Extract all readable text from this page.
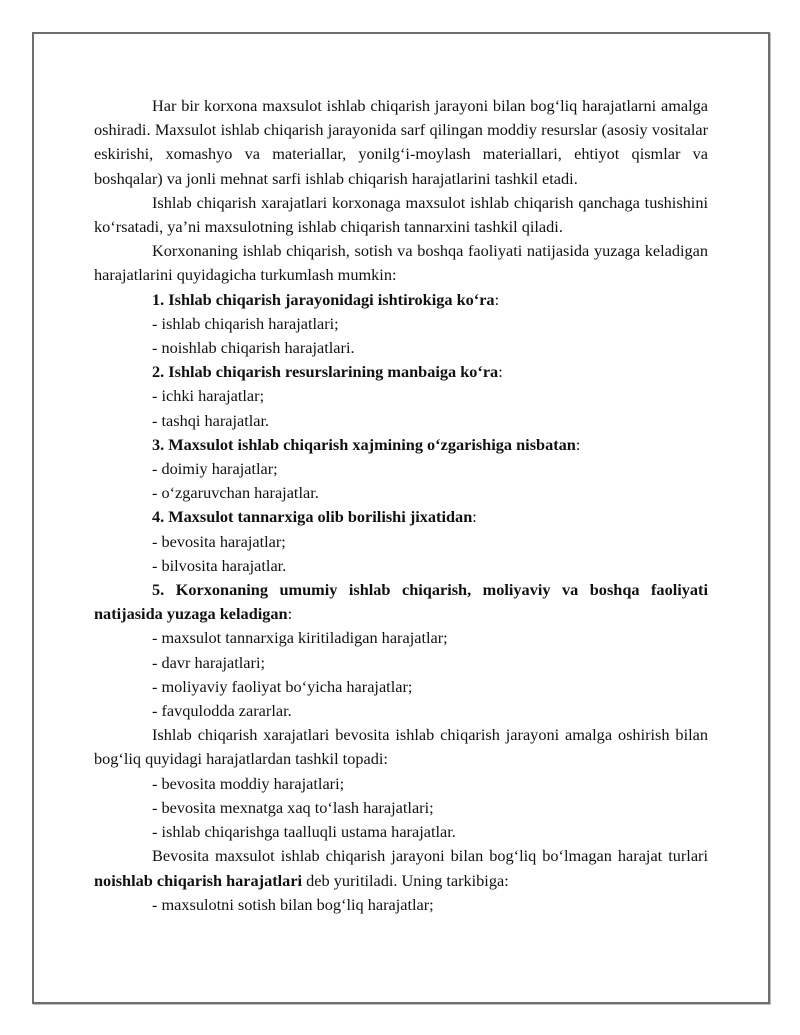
Har bir korxona maxsulot ishlab chiqarish jarayoni bilan bog‘liq harajatlarni amalga oshiradi. Maxsulot ishlab chiqarish jarayonida sarf qilingan moddiy resurslar (asosiy vositalar eskirishi, xomashyo va materiallar, yonilg‘i-moylash materiallari, ehtiyot qismlar va boshqalar) va jonli mehnat sarfi ishlab chiqarish harajatlarini tashkil etadi.

Ishlab chiqarish xarajatlari korxonaga maxsulot ishlab chiqarish qanchaga tushishini ko‘rsatadi, ya’ni maxsulotning ishlab chiqarish tannarxini tashkil qiladi.

Korxonaning ishlab chiqarish, sotish va boshqa faoliyati natijasida yuzaga keladigan harajatlarini quyidagicha turkumlash mumkin:

1. Ishlab chiqarish jarayonidagi ishtirokiga ko‘ra:

- ishlab chiqarish harajatlari;

- noishlab chiqarish harajatlari.

2. Ishlab chiqarish resurslarining manbaiga ko‘ra:

- ichki harajatlar;

- tashqi harajatlar.

3. Maxsulot ishlab chiqarish xajmining o‘zgarishiga nisbatan:

- doimiy harajatlar;

- o‘zgaruvchan harajatlar.

4. Maxsulot tannarxiga olib borilishi jixatidan:

- bevosita harajatlar;

- bilvosita harajatlar.

5. Korxonaning umumiy ishlab chiqarish, moliyaviy va boshqa faoliyati natijasida yuzaga keladigan:

- maxsulot tannarxiga kiritiladigan harajatlar;

- davr harajatlari;

- moliyaviy faoliyat bo‘yicha harajatlar;

- favqulodda zararlar.

Ishlab chiqarish xarajatlari bevosita ishlab chiqarish jarayoni amalga oshirish bilan bog‘liq quyidagi harajatlardan tashkil topadi:

- bevosita moddiy harajatlari;

- bevosita mexnatga xaq to‘lash harajatlari;

- ishlab chiqarishga taalluqli ustama harajatlar.

Bevosita maxsulot ishlab chiqarish jarayoni bilan bog‘liq bo‘lmagan harajat turlari noishlab chiqarish harajatlari deb yuritiladi. Uning tarkibiga:

- maxsulotni sotish bilan bog‘liq harajatlar;
